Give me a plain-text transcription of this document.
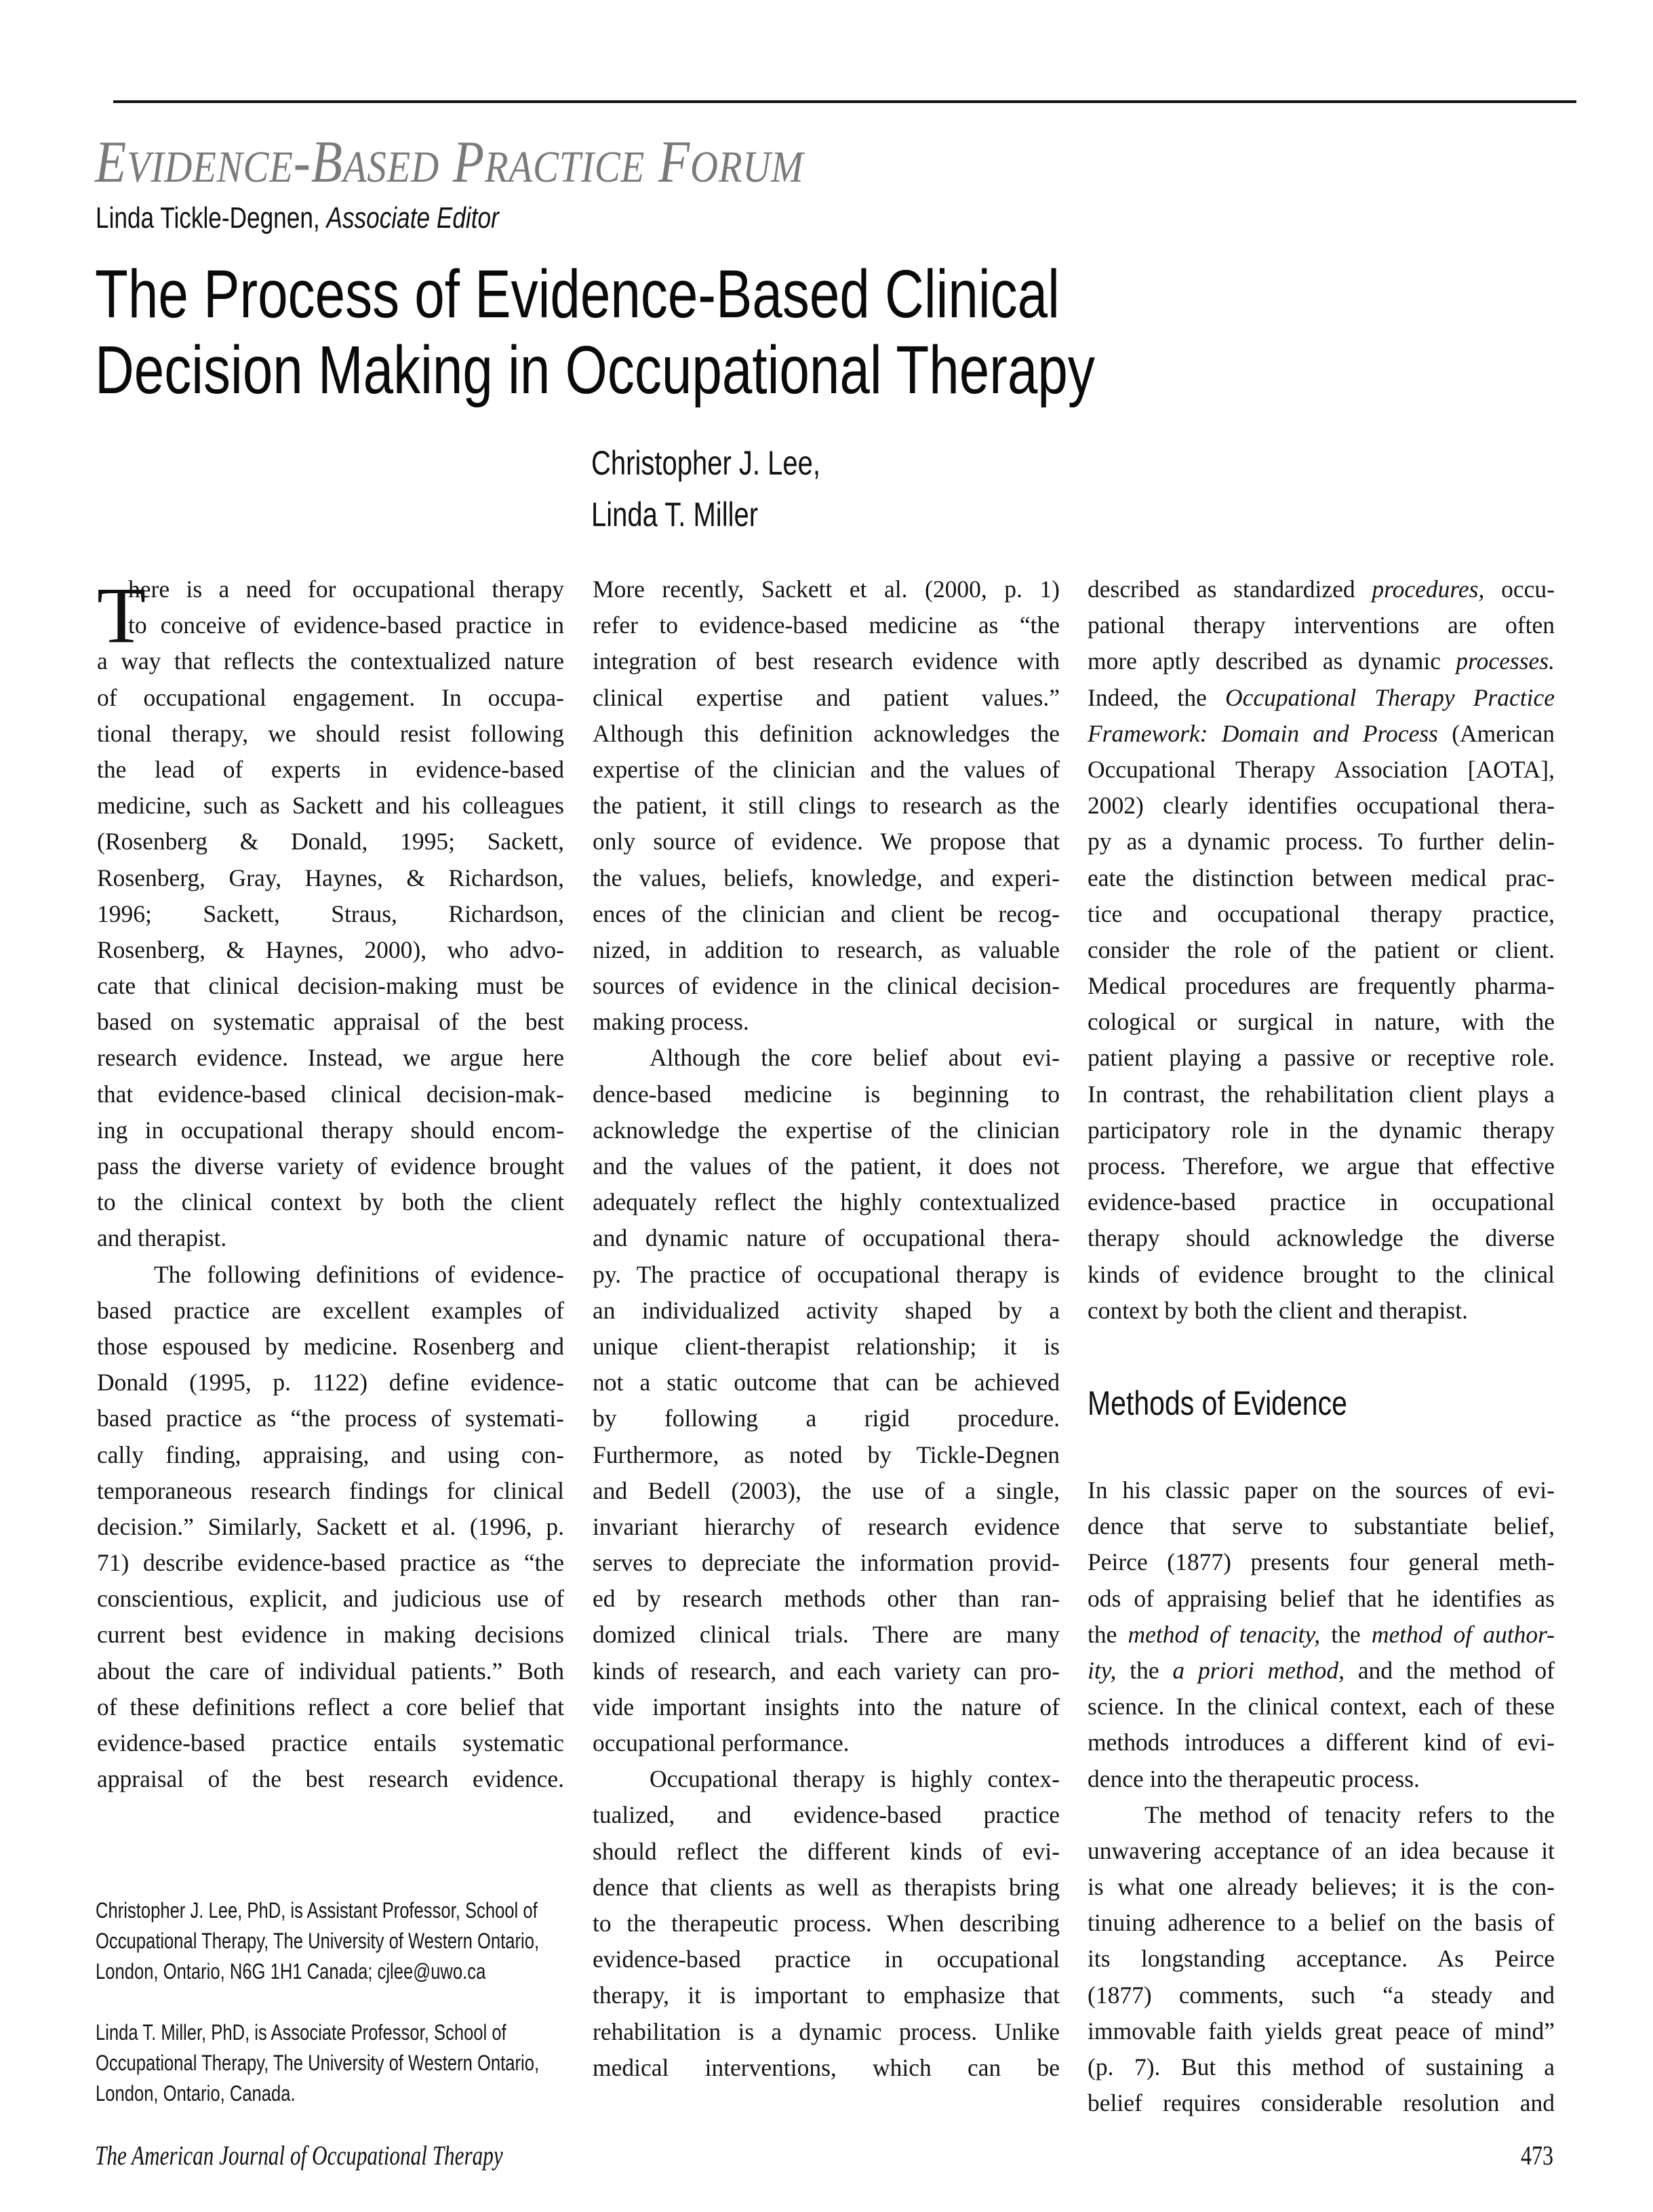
EVIDENCE-BASED PRACTICE FORUM
Linda Tickle-Degnen, Associate Editor
The Process of Evidence-Based Clinical
Decision Making in Occupational Therapy
Christopher J. Lee,
Linda T. Miller
T
here is a need for occupational therapy
to conceive of evidence-based practice in
a way that reflects the contextualized nature
of occupational engagement. In occupa-
tional therapy, we should resist following
the lead of experts in evidence-based
medicine, such as Sackett and his colleagues
(Rosenberg & Donald, 1995; Sackett,
Rosenberg, Gray, Haynes, & Richardson,
1996; Sackett, Straus, Richardson,
Rosenberg, & Haynes, 2000), who advo-
cate that clinical decision-making must be
based on systematic appraisal of the best
research evidence. Instead, we argue here
that evidence-based clinical decision-mak-
ing in occupational therapy should encom-
pass the diverse variety of evidence brought
to the clinical context by both the client
and therapist.
The following definitions of evidence-
based practice are excellent examples of
those espoused by medicine. Rosenberg and
Donald (1995, p. 1122) define evidence-
based practice as “the process of systemati-
cally finding, appraising, and using con-
temporaneous research findings for clinical
decision.” Similarly, Sackett et al. (1996, p.
71) describe evidence-based practice as “the
conscientious, explicit, and judicious use of
current best evidence in making decisions
about the care of individual patients.” Both
of these definitions reflect a core belief that
evidence-based practice entails systematic
appraisal of the best research evidence.
More recently, Sackett et al. (2000, p. 1)
refer to evidence-based medicine as “the
integration of best research evidence with
clinical expertise and patient values.”
Although this definition acknowledges the
expertise of the clinician and the values of
the patient, it still clings to research as the
only source of evidence. We propose that
the values, beliefs, knowledge, and experi-
ences of the clinician and client be recog-
nized, in addition to research, as valuable
sources of evidence in the clinical decision-
making process.
Although the core belief about evi-
dence-based medicine is beginning to
acknowledge the expertise of the clinician
and the values of the patient, it does not
adequately reflect the highly contextualized
and dynamic nature of occupational thera-
py. The practice of occupational therapy is
an individualized activity shaped by a
unique client-therapist relationship; it is
not a static outcome that can be achieved
by following a rigid procedure.
Furthermore, as noted by Tickle-Degnen
and Bedell (2003), the use of a single,
invariant hierarchy of research evidence
serves to depreciate the information provid-
ed by research methods other than ran-
domized clinical trials. There are many
kinds of research, and each variety can pro-
vide important insights into the nature of
occupational performance.
Occupational therapy is highly contex-
tualized, and evidence-based practice
should reflect the different kinds of evi-
dence that clients as well as therapists bring
to the therapeutic process. When describing
evidence-based practice in occupational
therapy, it is important to emphasize that
rehabilitation is a dynamic process. Unlike
medical interventions, which can be
described as standardized procedures, occu-
pational therapy interventions are often
more aptly described as dynamic processes.
Indeed, the Occupational Therapy Practice
Framework: Domain and Process (American
Occupational Therapy Association [AOTA],
2002) clearly identifies occupational thera-
py as a dynamic process. To further delin-
eate the distinction between medical prac-
tice and occupational therapy practice,
consider the role of the patient or client.
Medical procedures are frequently pharma-
cological or surgical in nature, with the
patient playing a passive or receptive role.
In contrast, the rehabilitation client plays a
participatory role in the dynamic therapy
process. Therefore, we argue that effective
evidence-based practice in occupational
therapy should acknowledge the diverse
kinds of evidence brought to the clinical
context by both the client and therapist.
Methods of Evidence
In his classic paper on the sources of evi-
dence that serve to substantiate belief,
Peirce (1877) presents four general meth-
ods of appraising belief that he identifies as
the method of tenacity, the method of author-
ity, the a priori method, and the method of
science. In the clinical context, each of these
methods introduces a different kind of evi-
dence into the therapeutic process.
The method of tenacity refers to the
unwavering acceptance of an idea because it
is what one already believes; it is the con-
tinuing adherence to a belief on the basis of
its longstanding acceptance. As Peirce
(1877) comments, such “a steady and
immovable faith yields great peace of mind”
(p. 7). But this method of sustaining a
belief requires considerable resolution and
Christopher J. Lee, PhD, is Assistant Professor, School of
Occupational Therapy, The University of Western Ontario,
London, Ontario, N6G 1H1 Canada; cjlee@uwo.ca
Linda T. Miller, PhD, is Associate Professor, School of
Occupational Therapy, The University of Western Ontario,
London, Ontario, Canada.
The American Journal of Occupational Therapy	473
